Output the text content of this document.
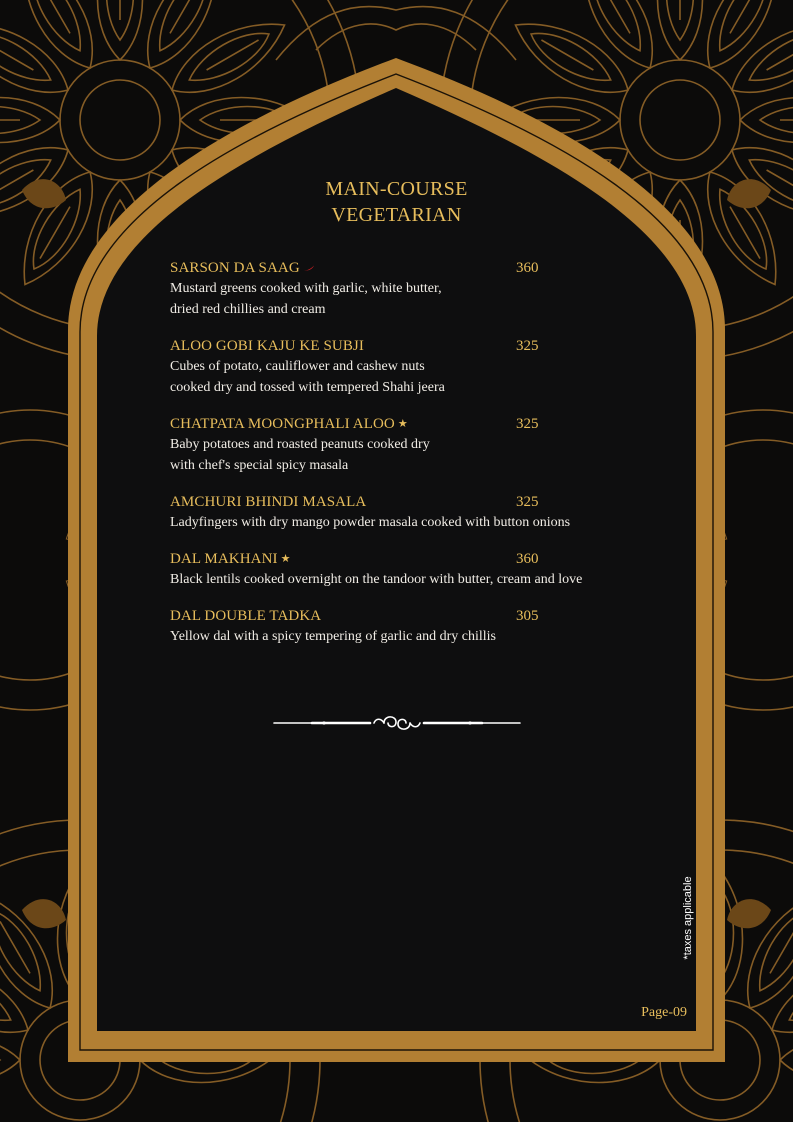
MAIN-COURSE
VEGETARIAN
SARSON DA SAAG	360
Mustard greens cooked with garlic, white butter,
dried red chillies and cream
ALOO GOBI KAJU KE SUBJI	325
Cubes of potato, cauliflower and cashew nuts
cooked dry and tossed with tempered Shahi jeera
CHATPATA MOONGPHALI ALOO ★	325
Baby potatoes and roasted peanuts cooked dry
with chef's special spicy masala
AMCHURI BHINDI MASALA	325
Ladyfingers with dry mango powder masala cooked with button onions
DAL MAKHANI ★	360
Black lentils cooked overnight on the tandoor with butter, cream and love
DAL DOUBLE TADKA	305
Yellow dal with a spicy tempering of garlic and dry chillis
*taxes applicable
Page-09
